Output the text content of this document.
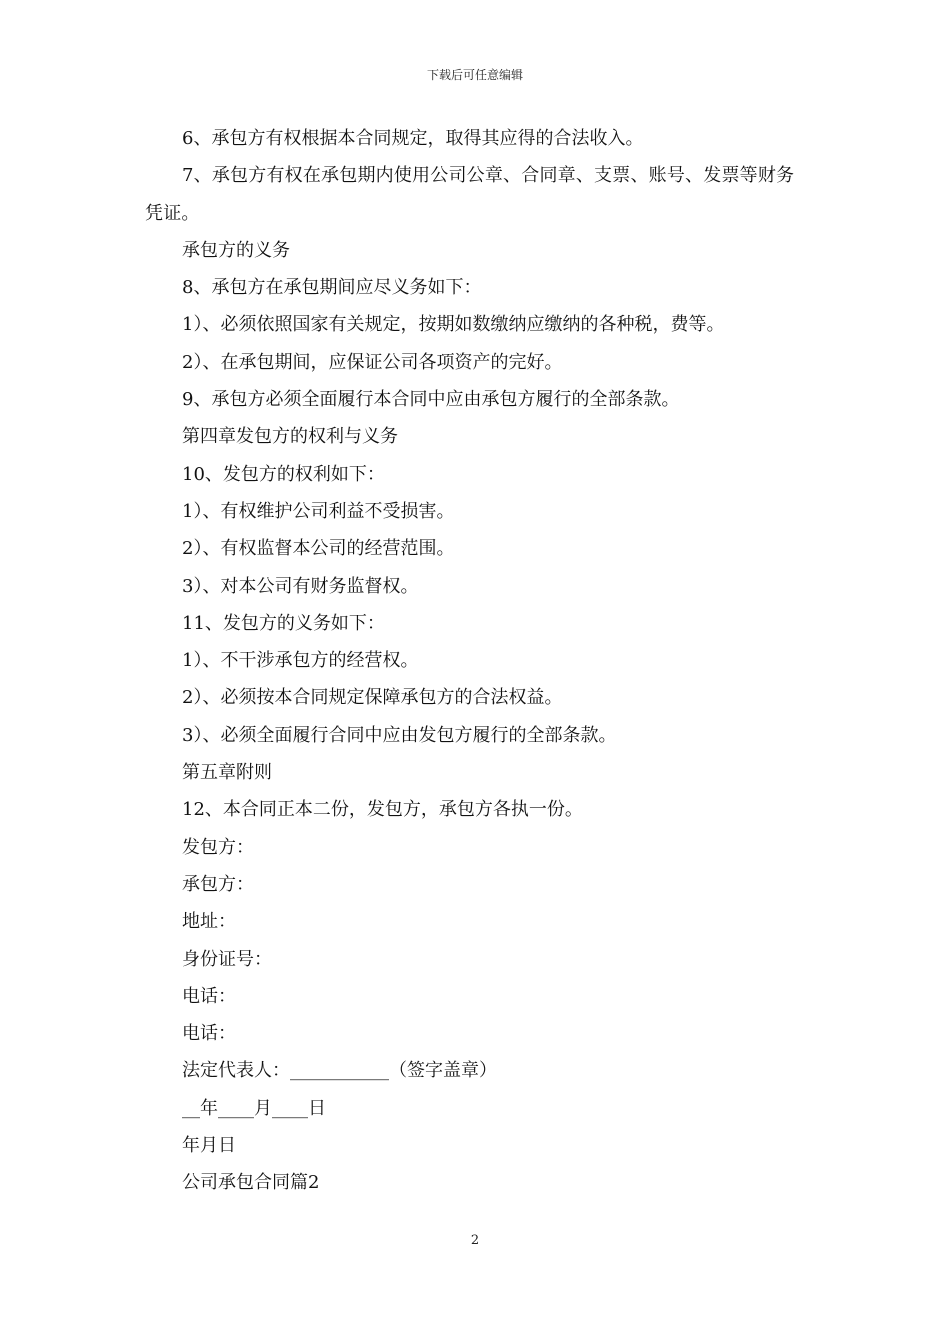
下载后可任意编辑

6、承包方有权根据本合同规定，取得其应得的合法收入。

7、承包方有权在承包期内使用公司公章、合同章、支票、账号、发票等财务凭证。

承包方的义务

8、承包方在承包期间应尽义务如下：

1）、必须依照国家有关规定，按期如数缴纳应缴纳的各种税，费等。

2）、在承包期间，应保证公司各项资产的完好。

9、承包方必须全面履行本合同中应由承包方履行的全部条款。

第四章发包方的权利与义务

10、发包方的权利如下：

1）、有权维护公司利益不受损害。

2）、有权监督本公司的经营范围。

3）、对本公司有财务监督权。

11、发包方的义务如下：

1）、不干涉承包方的经营权。

2）、必须按本合同规定保障承包方的合法权益。

3）、必须全面履行合同中应由发包方履行的全部条款。

第五章附则

12、本合同正本二份，发包方，承包方各执一份。

发包方：

承包方：

地址：

身份证号：

电话：

电话：

法定代表人：___________（签字盖章）

__年____月____日

年月日

公司承包合同篇2

2
